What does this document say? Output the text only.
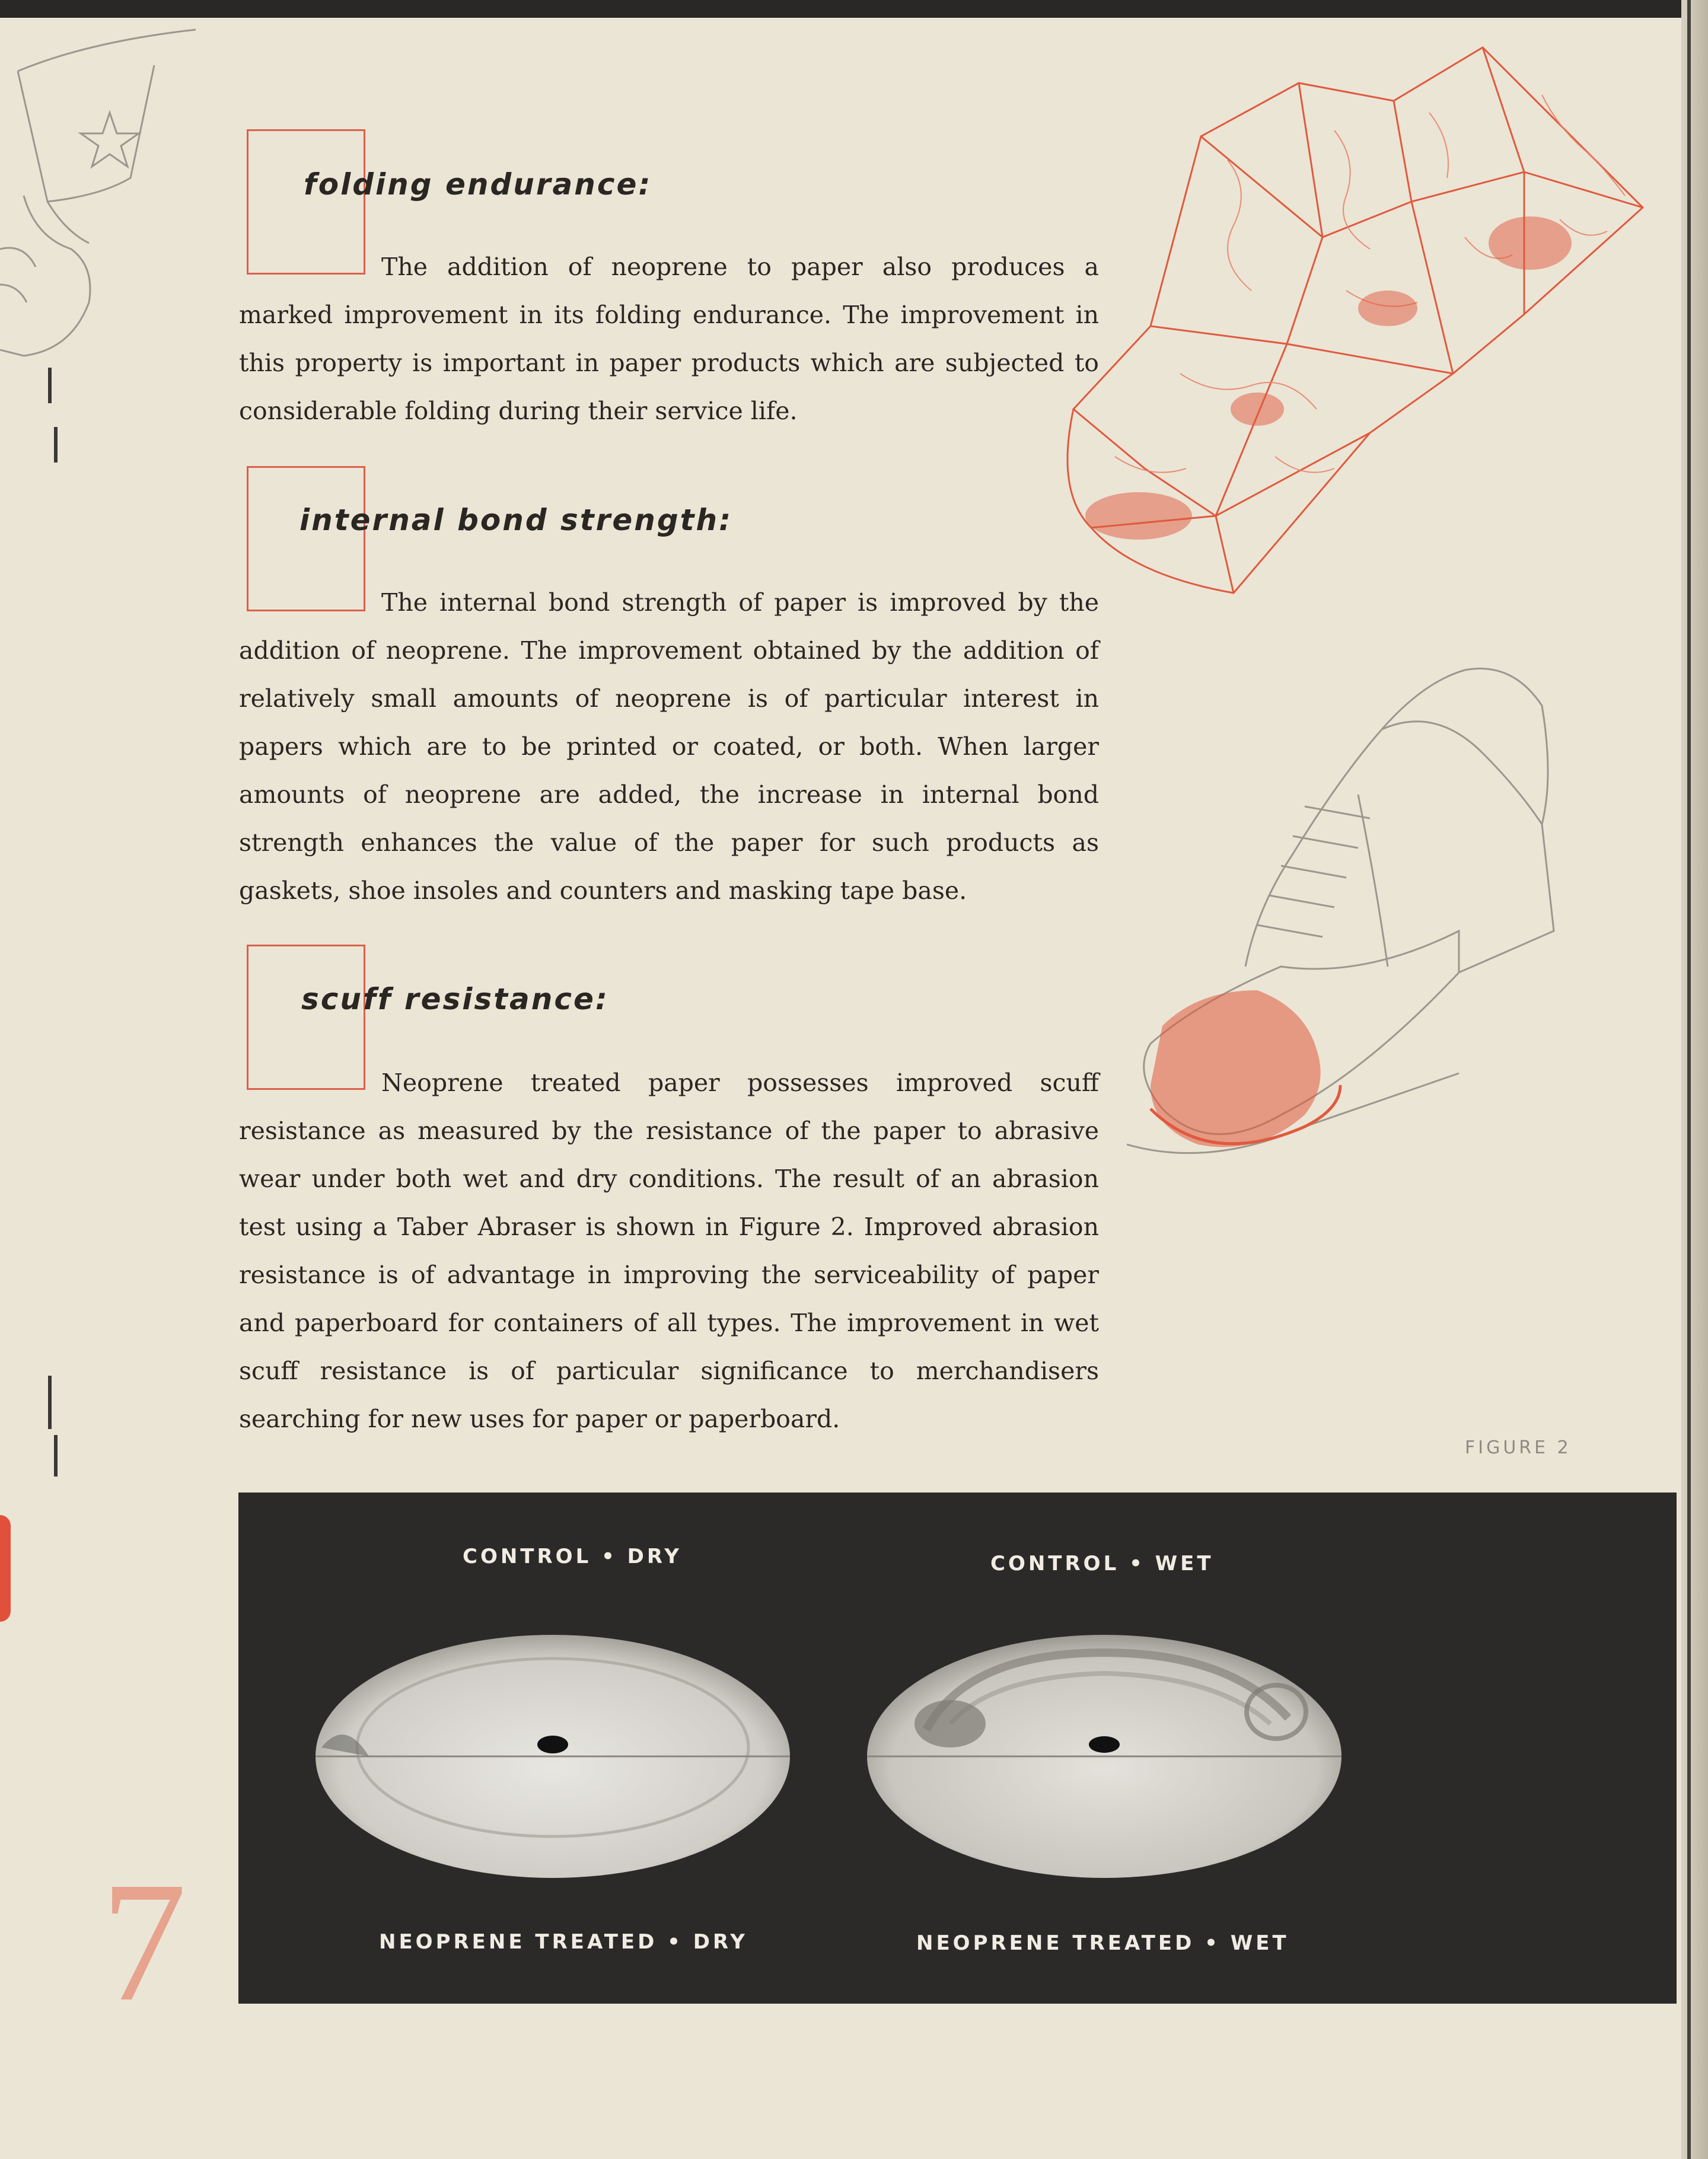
folding endurance:

The addition of neoprene to paper also produces a marked improvement in its folding endurance. The improvement in this property is important in paper products which are subjected to considerable folding during their service life.

internal bond strength:

The internal bond strength of paper is improved by the addition of neoprene. The improvement obtained by the addition of relatively small amounts of neoprene is of particular interest in papers which are to be printed or coated, or both. When larger amounts of neoprene are added, the increase in internal bond strength enhances the value of the paper for such products as gaskets, shoe insoles and counters and masking tape base.

scuff resistance:

Neoprene treated paper possesses improved scuff resistance as measured by the resistance of the paper to abrasive wear under both wet and dry conditions. The result of an abrasion test using a Taber Abraser is shown in Figure 2. Improved abrasion resistance is of advantage in improving the serviceability of paper and paperboard for containers of all types. The improvement in wet scuff resistance is of particular significance to merchandisers searching for new uses for paper or paperboard.

FIGURE 2
CONTROL • DRY	CONTROL • WET
NEOPRENE TREATED • DRY	NEOPRENE TREATED • WET
7
